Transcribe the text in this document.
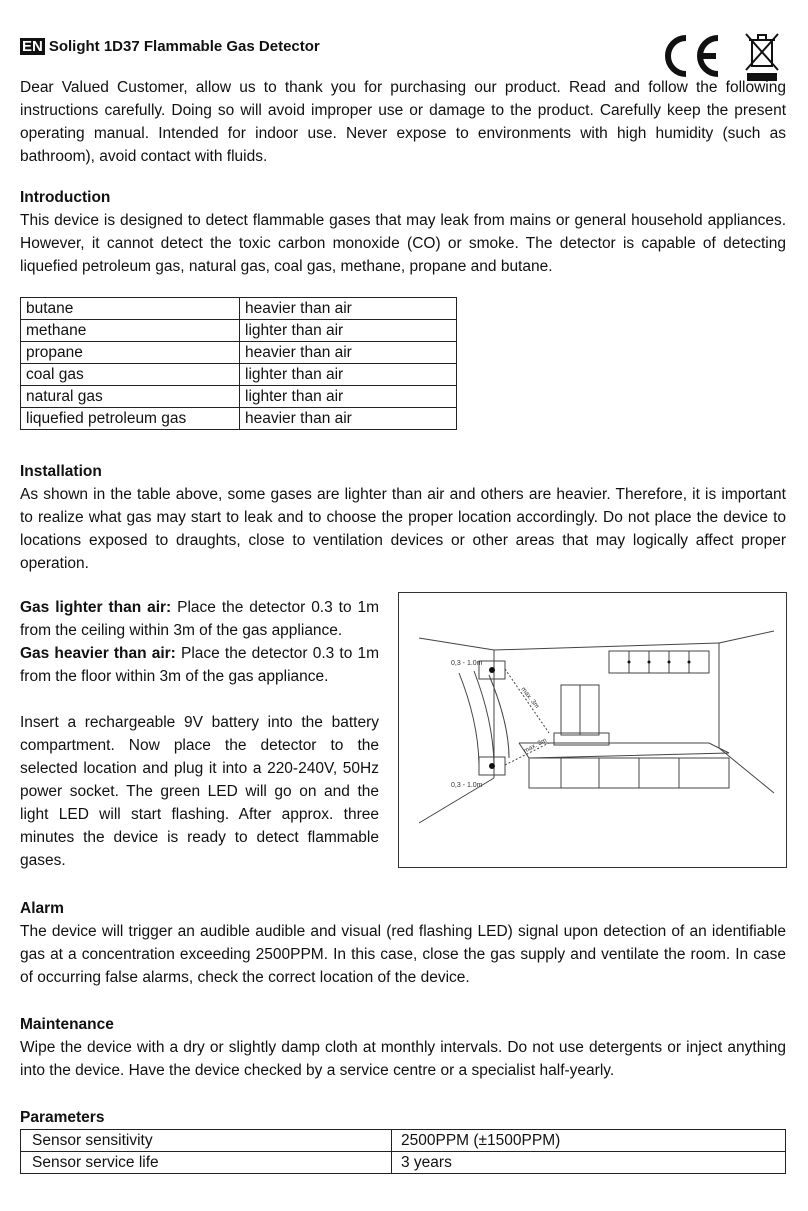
EN Solight 1D37 Flammable Gas Detector

Dear Valued Customer, allow us to thank you for purchasing our product. Read and follow the following instructions carefully. Doing so will avoid improper use or damage to the product. Carefully keep the present operating manual. Intended for indoor use. Never expose to environments with high humidity (such as bathroom), avoid contact with fluids.

Introduction

This device is designed to detect flammable gases that may leak from mains or general household appliances. However, it cannot detect the toxic carbon monoxide (CO) or smoke. The detector is capable of detecting liquefied petroleum gas, natural gas, coal gas, methane, propane and butane.

butane	heavier than air
methane	lighter than air
propane	heavier than air
coal gas	lighter than air
natural gas	lighter than air
liquefied petroleum gas	heavier than air
Installation

As shown in the table above, some gases are lighter than air and others are heavier. Therefore, it is important to realize what gas may start to leak and to choose the proper location accordingly. Do not place the device to locations exposed to draughts, close to ventilation devices or other areas that may logically affect proper operation.

Gas lighter than air: Place the detector 0.3 to 1m from the ceiling within 3m of the gas appliance.

Gas heavier than air: Place the detector 0.3 to 1m from the floor within 3m of the gas appliance.

Insert a rechargeable 9V battery into the battery compartment. Now place the detector to the selected location and plug it into a 220-240V, 50Hz power socket. The green LED will go on and the light LED will start flashing. After approx. three minutes the device is ready to detect flammable gases.

0,3 - 1.0m
0,3 - 1.0m
max. 3m
max. 3m
Alarm

The device will trigger an audible audible and visual (red flashing LED) signal upon detection of an identifiable gas at a concentration exceeding 2500PPM. In this case, close the gas supply and ventilate the room. In case of occurring false alarms, check the correct location of the device.

Maintenance

Wipe the device with a dry or slightly damp cloth at monthly intervals. Do not use detergents or inject anything into the device. Have the device checked by a service centre or a specialist half-yearly.

Parameters
Sensor sensitivity	2500PPM (±1500PPM)
Sensor service life	3 years
